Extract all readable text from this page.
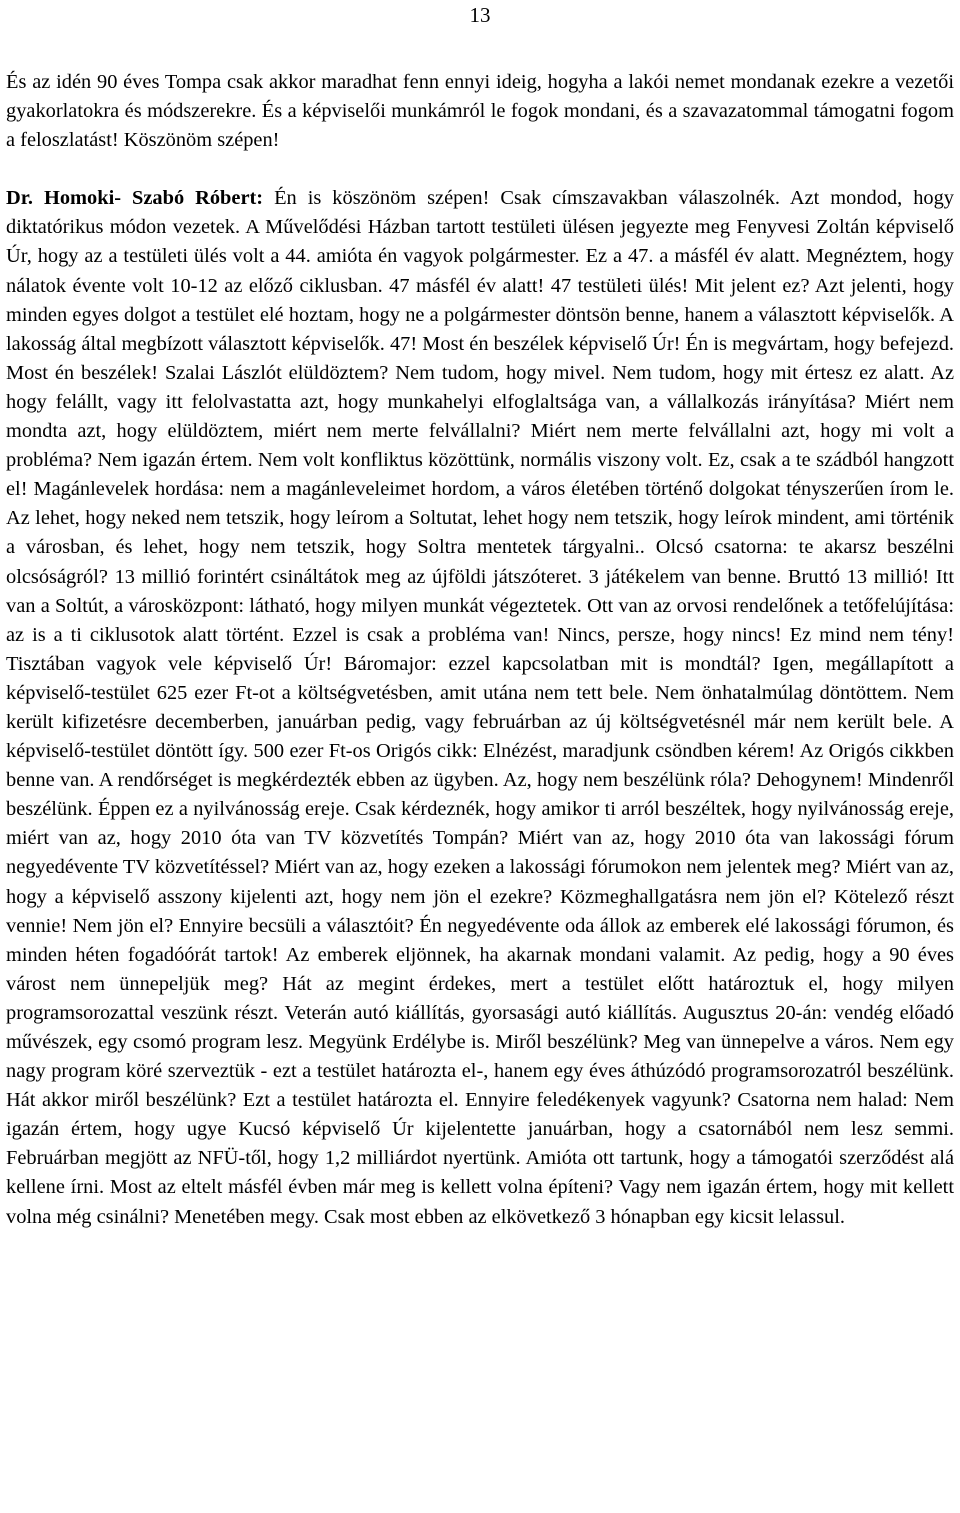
13

És az idén 90 éves Tompa csak akkor maradhat fenn ennyi ideig, hogyha a lakói nemet mondanak ezekre a vezetői gyakorlatokra és módszerekre. És a képviselői munkámról le fogok mondani, és a szavazatommal támogatni fogom a feloszlatást! Köszönöm szépen!

Dr. Homoki- Szabó Róbert: Én is köszönöm szépen! Csak címszavakban válaszolnék. Azt mondod, hogy diktatórikus módon vezetek. A Művelődési Házban tartott testületi ülésen jegyezte meg Fenyvesi Zoltán képviselő Úr, hogy az a testületi ülés volt a 44. amióta én vagyok polgármester. Ez a 47. a másfél év alatt. Megnéztem, hogy nálatok évente volt 10-12 az előző ciklusban. 47 másfél év alatt! 47 testületi ülés! Mit jelent ez? Azt jelenti, hogy minden egyes dolgot a testület elé hoztam, hogy ne a polgármester döntsön benne, hanem a választott képviselők. A lakosság által megbízott választott képviselők. 47! Most én beszélek képviselő Úr! Én is megvártam, hogy befejezd. Most én beszélek! Szalai Lászlót elüldöztem? Nem tudom, hogy mivel. Nem tudom, hogy mit értesz ez alatt. Az hogy felállt, vagy itt felolvastatta azt, hogy munkahelyi elfoglaltsága van, a vállalkozás irányítása? Miért nem mondta azt, hogy elüldöztem, miért nem merte felvállalni? Miért nem merte felvállalni azt, hogy mi volt a probléma? Nem igazán értem. Nem volt konfliktus közöttünk, normális viszony volt. Ez, csak a te szádból hangzott el! Magánlevelek hordása: nem a magánleveleimet hordom, a város életében történő dolgokat tényszerűen írom le. Az lehet, hogy neked nem tetszik, hogy leírom a Soltutat, lehet hogy nem tetszik, hogy leírok mindent, ami történik a városban, és lehet, hogy nem tetszik, hogy Soltra mentetek tárgyalni.. Olcsó csatorna: te akarsz beszélni olcsóságról? 13 millió forintért csináltátok meg az újföldi játszóteret. 3 játékelem van benne. Bruttó 13 millió! Itt van a Soltút, a városközpont: látható, hogy milyen munkát végeztetek. Ott van az orvosi rendelőnek a tetőfelújítása: az is a ti ciklusotok alatt történt. Ezzel is csak a probléma van! Nincs, persze, hogy nincs! Ez mind nem tény! Tisztában vagyok vele képviselő Úr! Báromajor: ezzel kapcsolatban mit is mondtál? Igen, megállapított a képviselő-testület 625 ezer Ft-ot a költségvetésben, amit utána nem tett bele. Nem önhatalmúlag döntöttem. Nem került kifizetésre decemberben, januárban pedig, vagy februárban az új költségvetésnél már nem került bele. A képviselő-testület döntött így. 500 ezer Ft-os Origós cikk: Elnézést, maradjunk csöndben kérem! Az Origós cikkben benne van. A rendőrséget is megkérdezték ebben az ügyben. Az, hogy nem beszélünk róla? Dehogynem! Mindenről beszélünk. Éppen ez a nyilvánosság ereje. Csak kérdeznék, hogy amikor ti arról beszéltek, hogy nyilvánosság ereje, miért van az, hogy 2010 óta van TV közvetítés Tompán? Miért van az, hogy 2010 óta van lakossági fórum negyedévente TV közvetítéssel? Miért van az, hogy ezeken a lakossági fórumokon nem jelentek meg? Miért van az, hogy a képviselő asszony kijelenti azt, hogy nem jön el ezekre? Közmeghallgatásra nem jön el? Kötelező részt vennie! Nem jön el? Ennyire becsüli a választóit? Én negyedévente oda állok az emberek elé lakossági fórumon, és minden héten fogadóórát tartok! Az emberek eljönnek, ha akarnak mondani valamit. Az pedig, hogy a 90 éves várost nem ünnepeljük meg? Hát az megint érdekes, mert a testület előtt határoztuk el, hogy milyen programsorozattal veszünk részt. Veterán autó kiállítás, gyorsasági autó kiállítás. Augusztus 20-án: vendég előadó művészek, egy csomó program lesz. Megyünk Erdélybe is. Miről beszélünk? Meg van ünnepelve a város. Nem egy nagy program köré szerveztük - ezt a testület határozta el-, hanem egy éves áthúzódó programsorozatról beszélünk. Hát akkor miről beszélünk? Ezt a testület határozta el. Ennyire feledékenyek vagyunk? Csatorna nem halad: Nem igazán értem, hogy ugye Kucsó képviselő Úr kijelentette januárban, hogy a csatornából nem lesz semmi. Februárban megjött az NFÜ-től, hogy 1,2 milliárdot nyertünk. Amióta ott tartunk, hogy a támogatói szerződést alá kellene írni. Most az eltelt másfél évben már meg is kellett volna építeni? Vagy nem igazán értem, hogy mit kellett volna még csinálni? Menetében megy. Csak most ebben az elkövetkező 3 hónapban egy kicsit lelassul.
